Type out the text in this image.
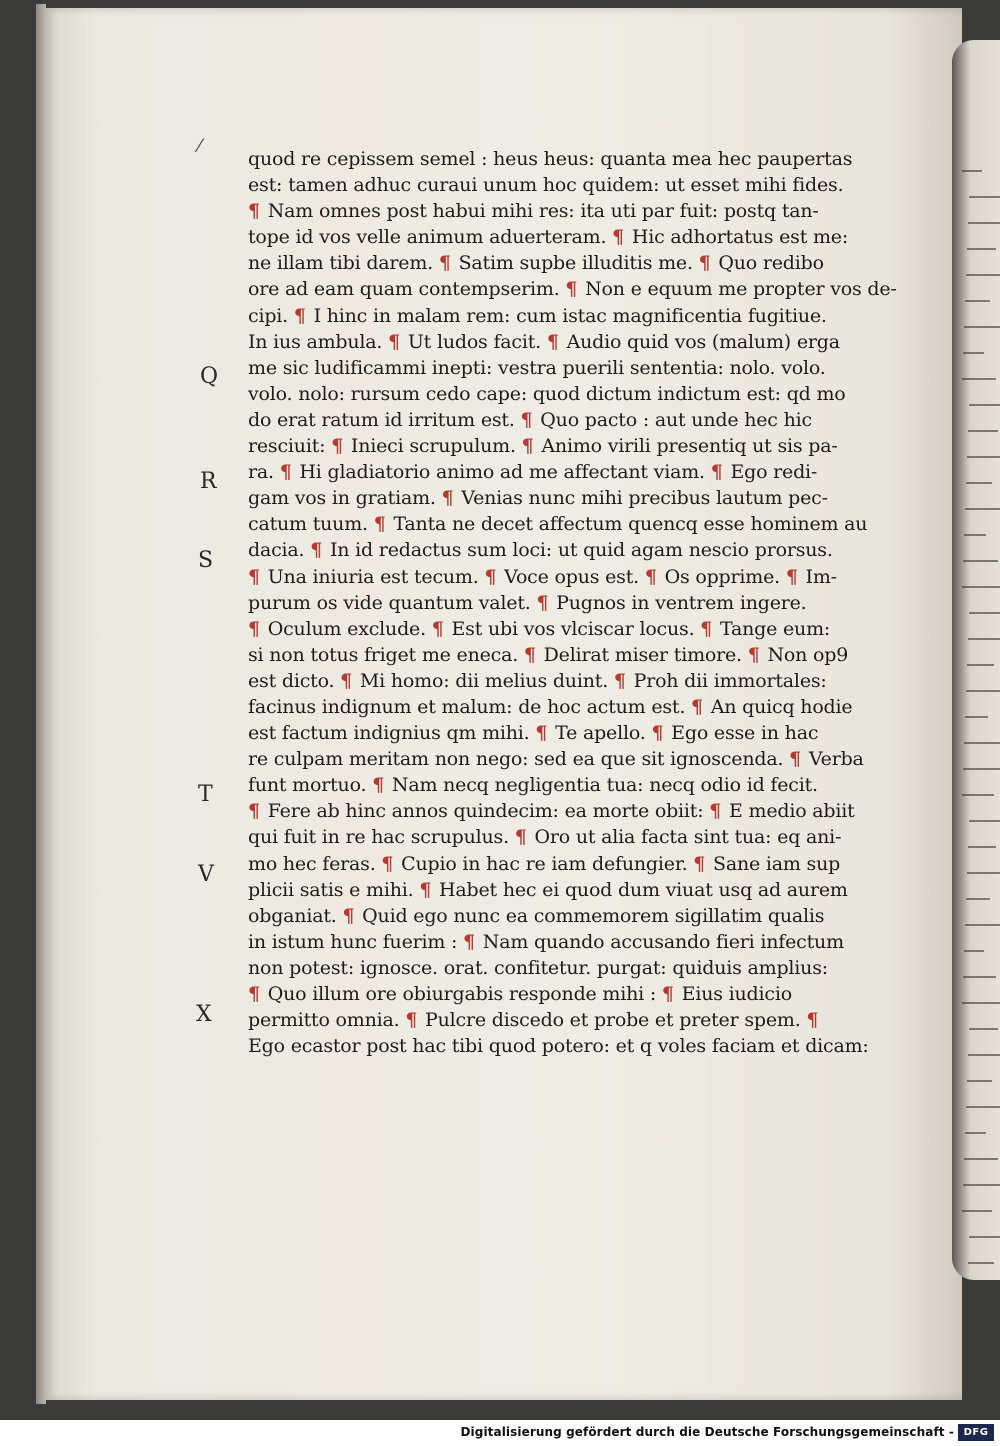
⁄
Q
R
S
T
V
X
quod re cepissem semel : heus heus: quanta mea hec paupertas
est: tamen adhuc curaui unum hoc quidem: ut esset mihi fides.
¶ Nam omnes post habui mihi res: ita uti par fuit: postq tan-
tope id vos velle animum aduerteram. ¶ Hic adhortatus est me:
ne illam tibi darem. ¶ Satim supbe illuditis me. ¶ Quo redibo
ore ad eam quam contempserim. ¶ Non e equum me propter vos de-
cipi. ¶ I hinc in malam rem: cum istac magnificentia fugitiue.
In ius ambula. ¶ Ut ludos facit. ¶ Audio quid vos (malum) erga
me sic ludificammi inepti: vestra puerili sententia: nolo. volo.
volo. nolo: rursum cedo cape: quod dictum indictum est: qd mo
do erat ratum id irritum est. ¶ Quo pacto : aut unde hec hic
resciuit: ¶ Inieci scrupulum. ¶ Animo virili presentiq ut sis pa-
ra. ¶ Hi gladiatorio animo ad me affectant viam. ¶ Ego redi-
gam vos in gratiam. ¶ Venias nunc mihi precibus lautum pec-
catum tuum. ¶ Tanta ne decet affectum quencq esse hominem au
dacia. ¶ In id redactus sum loci: ut quid agam nescio prorsus.
¶ Una iniuria est tecum. ¶ Voce opus est. ¶ Os opprime. ¶ Im-
purum os vide quantum valet. ¶ Pugnos in ventrem ingere.
¶ Oculum exclude. ¶ Est ubi vos vlciscar locus. ¶ Tange eum:
si non totus friget me eneca. ¶ Delirat miser timore. ¶ Non op9
est dicto. ¶ Mi homo: dii melius duint. ¶ Proh dii immortales:
facinus indignum et malum: de hoc actum est. ¶ An quicq hodie
est factum indignius qm mihi. ¶ Te apello. ¶ Ego esse in hac
re culpam meritam non nego: sed ea que sit ignoscenda. ¶ Verba
funt mortuo. ¶ Nam necq negligentia tua: necq odio id fecit.
¶ Fere ab hinc annos quindecim: ea morte obiit: ¶ E medio abiit
qui fuit in re hac scrupulus. ¶ Oro ut alia facta sint tua: eq ani-
mo hec feras. ¶ Cupio in hac re iam defungier. ¶ Sane iam sup
plicii satis e mihi. ¶ Habet hec ei quod dum viuat usq ad aurem
obganiat. ¶ Quid ego nunc ea commemorem sigillatim qualis
in istum hunc fuerim : ¶ Nam quando accusando fieri infectum
non potest: ignosce. orat. confitetur. purgat: quiduis amplius:
¶ Quo illum ore obiurgabis responde mihi : ¶ Eius iudicio
permitto omnia. ¶ Pulcre discedo et probe et preter spem. ¶
Ego ecastor post hac tibi quod potero: et q voles faciam et dicam:
Digitalisierung gefördert durch die Deutsche Forschungsgemeinschaft - DFG
